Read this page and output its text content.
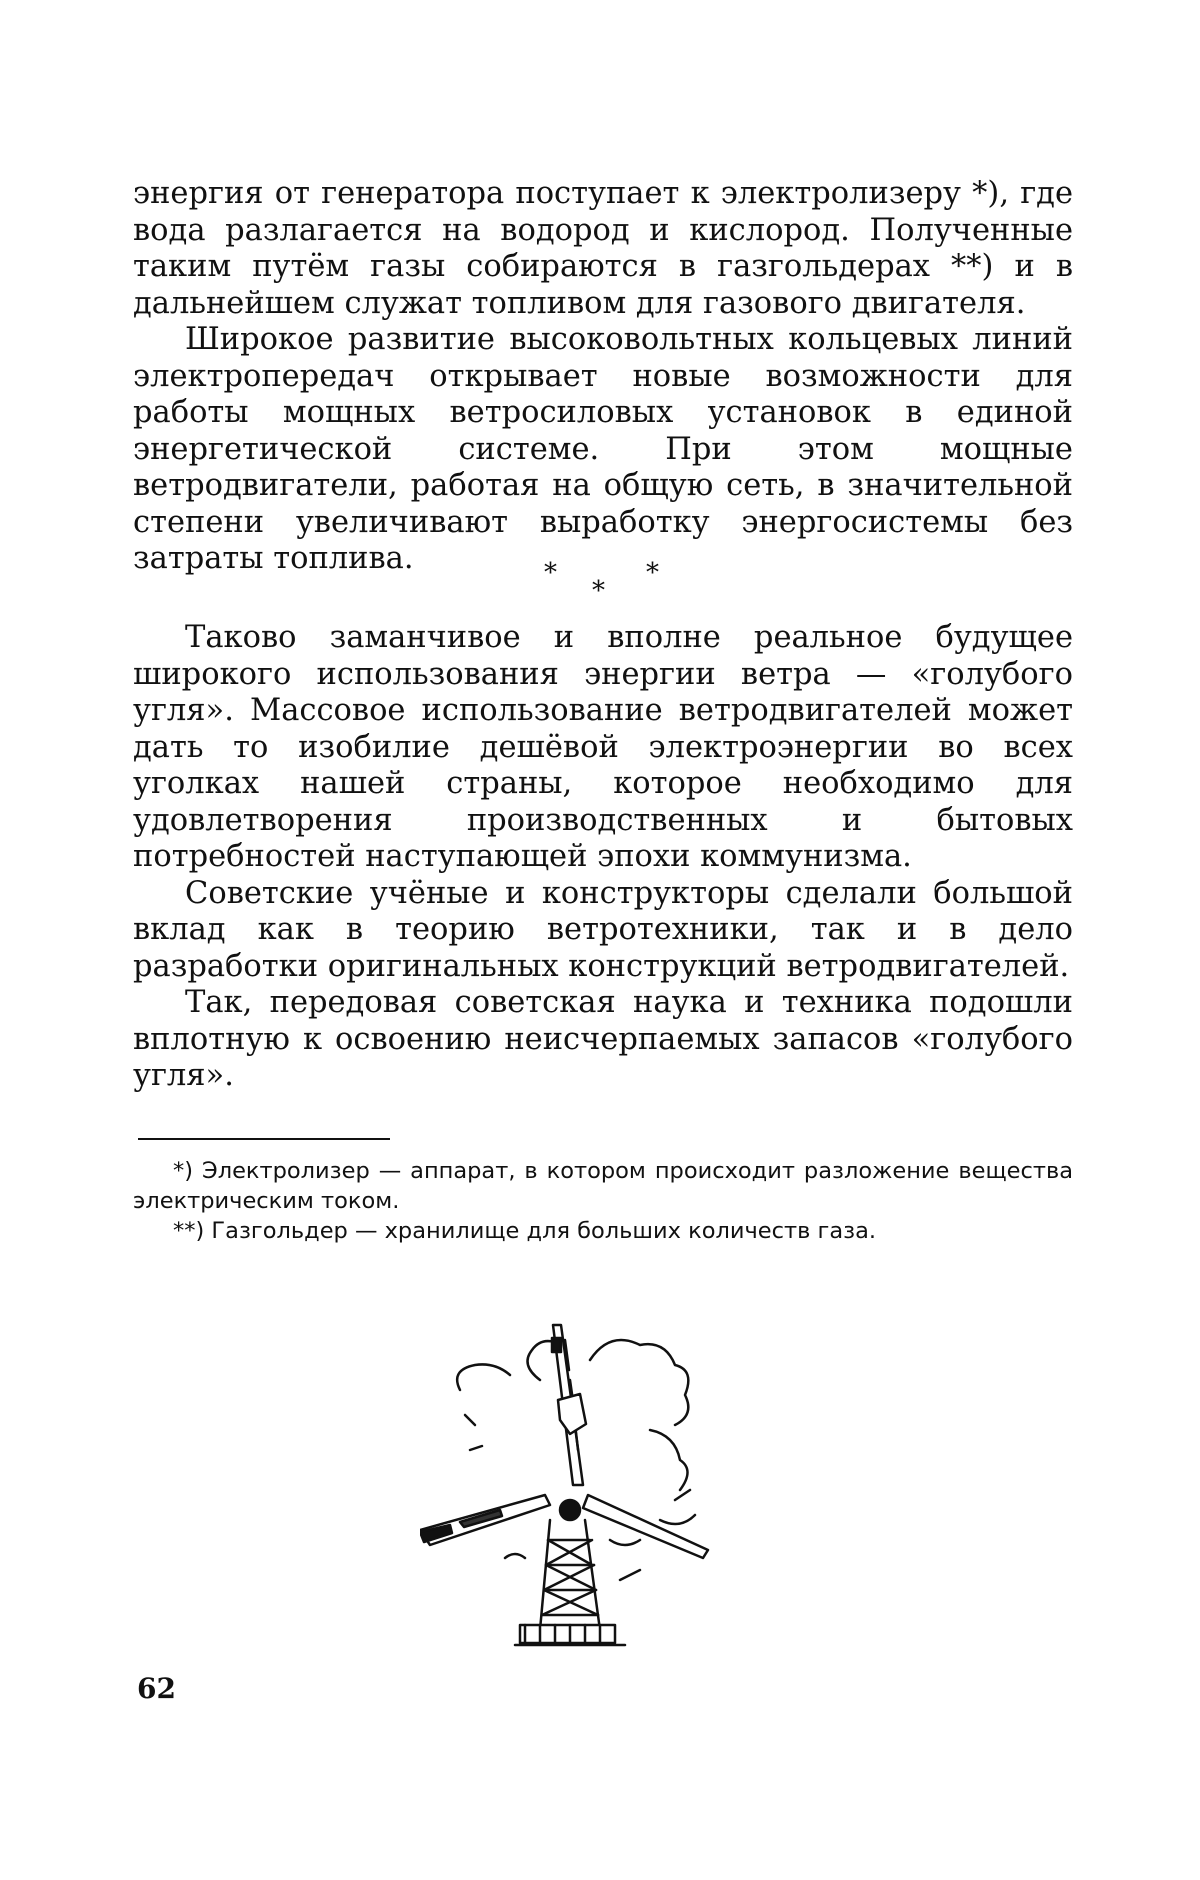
энергия от генератора поступает к электролизеру *), где вода разлагается на водород и кислород. Полученные таким путём газы собираются в газгольдерах **) и в дальнейшем служат топливом для газового двигателя.

Широкое развитие высоковольтных кольцевых линий электропередач открывает новые возможности для работы мощных ветросиловых установок в единой энергетической системе. При этом мощные ветродвигатели, работая на общую сеть, в значительной степени увеличивают выработку энергосистемы без затраты топлива.	*
*
*

Таково заманчивое и вполне реальное будущее широкого использования энергии ветра — «голубого угля». Массовое использование ветродвигателей может дать то изобилие дешёвой электроэнергии во всех уголках нашей страны, которое необходимо для удовлетворения производственных и бытовых потребностей наступающей эпохи коммунизма.

Советские учёные и конструкторы сделали большой вклад как в теорию ветротехники, так и в дело разработки оригинальных конструкций ветродвигателей.

Так, передовая советская наука и техника подошли вплотную к освоению неисчерпаемых запасов «голубого угля».

*) Электролизер — аппарат, в котором происходит разложение вещества электрическим током.

**) Газгольдер — хранилище для больших количеств газа.

62
